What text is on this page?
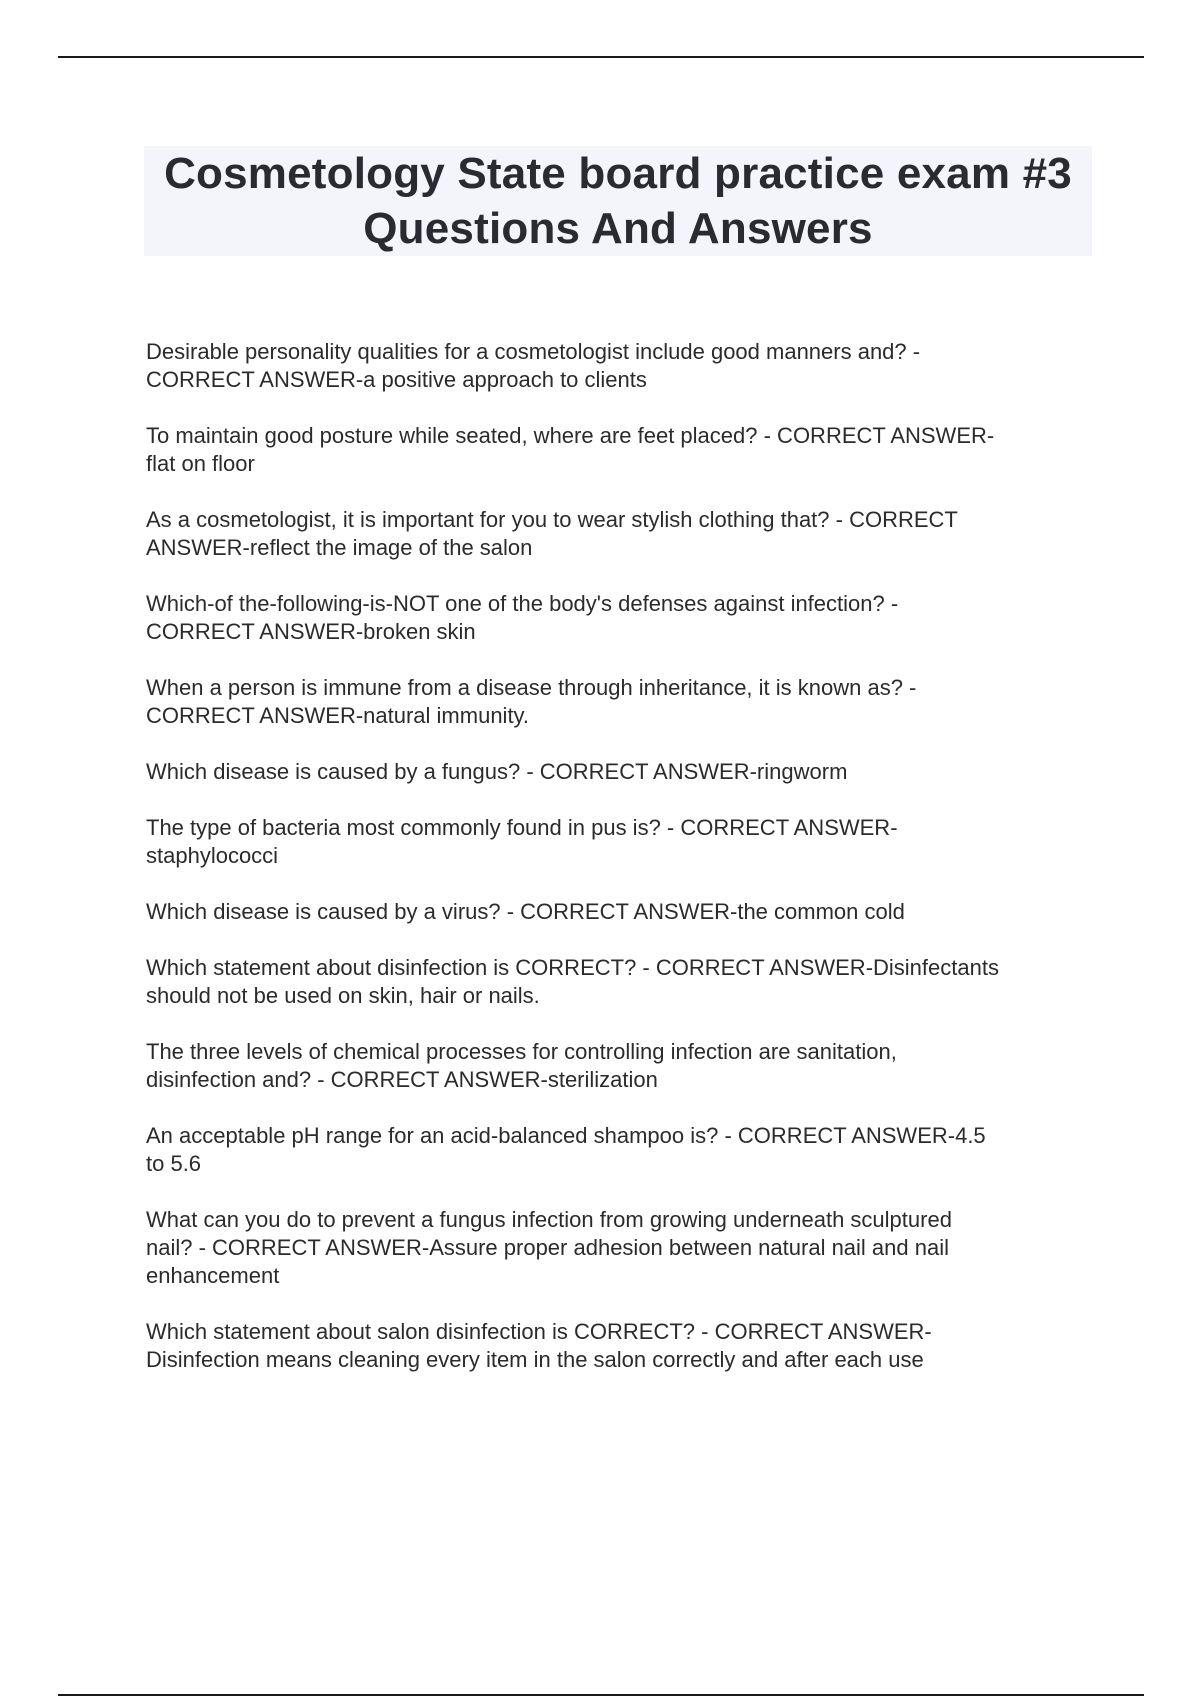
Cosmetology State board practice exam #3 Questions And Answers

Desirable personality qualities for a cosmetologist include good manners and? -
CORRECT ANSWER-a positive approach to clients

To maintain good posture while seated, where are feet placed? - CORRECT ANSWER-
flat on floor

As a cosmetologist, it is important for you to wear stylish clothing that? - CORRECT
ANSWER-reflect the image of the salon

Which-of the-following-is-NOT one of the body's defenses against infection? -
CORRECT ANSWER-broken skin

When a person is immune from a disease through inheritance, it is known as? -
CORRECT ANSWER-natural immunity.

Which disease is caused by a fungus? - CORRECT ANSWER-ringworm

The type of bacteria most commonly found in pus is? - CORRECT ANSWER-
staphylococci

Which disease is caused by a virus? - CORRECT ANSWER-the common cold

Which statement about disinfection is CORRECT? - CORRECT ANSWER-Disinfectants
should not be used on skin, hair or nails.

The three levels of chemical processes for controlling infection are sanitation,
disinfection and? - CORRECT ANSWER-sterilization

An acceptable pH range for an acid-balanced shampoo is? - CORRECT ANSWER-4.5
to 5.6

What can you do to prevent a fungus infection from growing underneath sculptured
nail? - CORRECT ANSWER-Assure proper adhesion between natural nail and nail
enhancement

Which statement about salon disinfection is CORRECT? - CORRECT ANSWER-
Disinfection means cleaning every item in the salon correctly and after each use
